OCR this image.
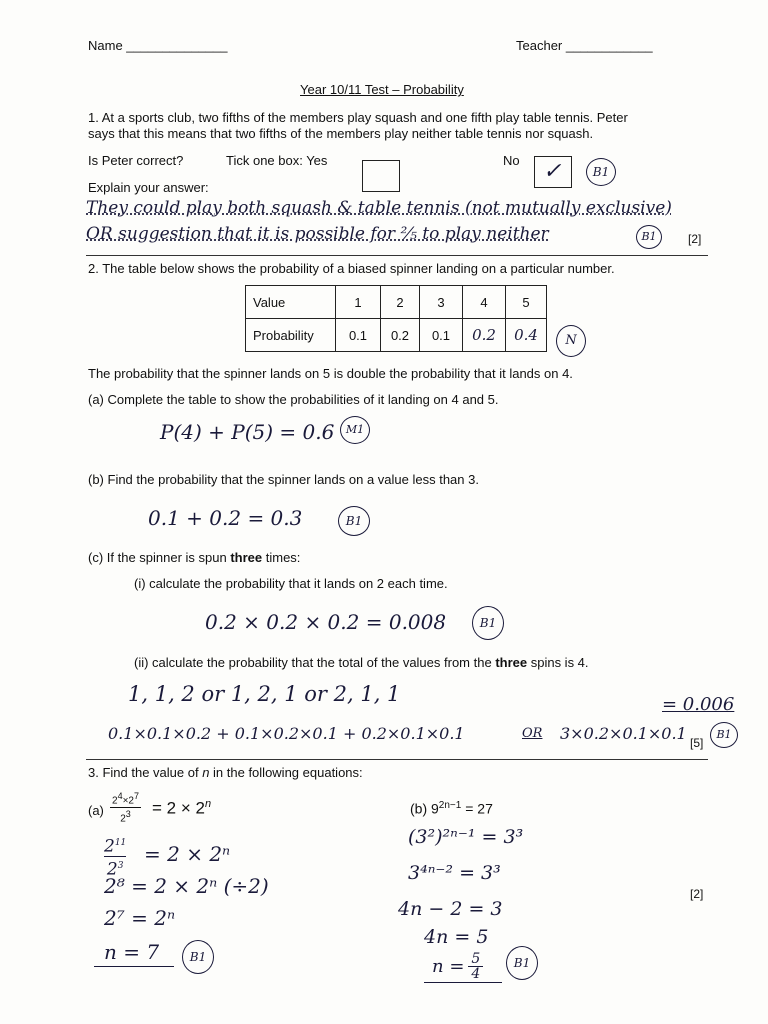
Name ______________	Teacher ____________
Year 10/11 Test – Probability
1. At a sports club, two fifths of the members play squash and one fifth play table tennis. Peter
says that this means that two fifths of the members play neither table tennis nor squash.
Is Peter correct?	Tick one box: Yes	No ✓	B1
Explain your answer:
They could play both squash & table tennis (not mutually exclusive)
OR suggestion that it is possible for ⅖ to play neither	B1	[2]
2. The table below shows the probability of a biased spinner landing on a particular number.
Value	1	2	3	4	5
Probability	0.1	0.2	0.1	0.2	0.4	N
The probability that the spinner lands on 5 is double the probability that it lands on 4.
(a) Complete the table to show the probabilities of it landing on 4 and 5.
P(4) + P(5) = 0.6	M1
(b) Find the probability that the spinner lands on a value less than 3.
0.1 + 0.2 = 0.3	B1
(c) If the spinner is spun three times:
(i) calculate the probability that it lands on 2 each time.
0.2 × 0.2 × 0.2 = 0.008	B1
(ii) calculate the probability that the total of the values from the three spins is 4.
1, 1, 2 or 1, 2, 1 or 2, 1, 1	= 0.006
0.1×0.1×0.2 + 0.1×0.2×0.1 + 0.2×0.1×0.1	OR 3×0.2×0.1×0.1	B1
[5]
3. Find the value of n in the following equations:
(a)
$2^4\times 2^7$
$2^3$	= $2 \times 2^n$
$2^{11}$
$2^3 = 2 \times 2^n$
2⁸ = 2 × 2ⁿ (÷2)
2⁷ = 2ⁿ
n = 7	B1
(b) $9^{2n-1} = 27$
(3²)²ⁿ⁻¹ = 3³
3⁴ⁿ⁻² = 3³
4n − 2 = 3
4n = 5
$n = \frac{5}{4}$	B1
[2]
